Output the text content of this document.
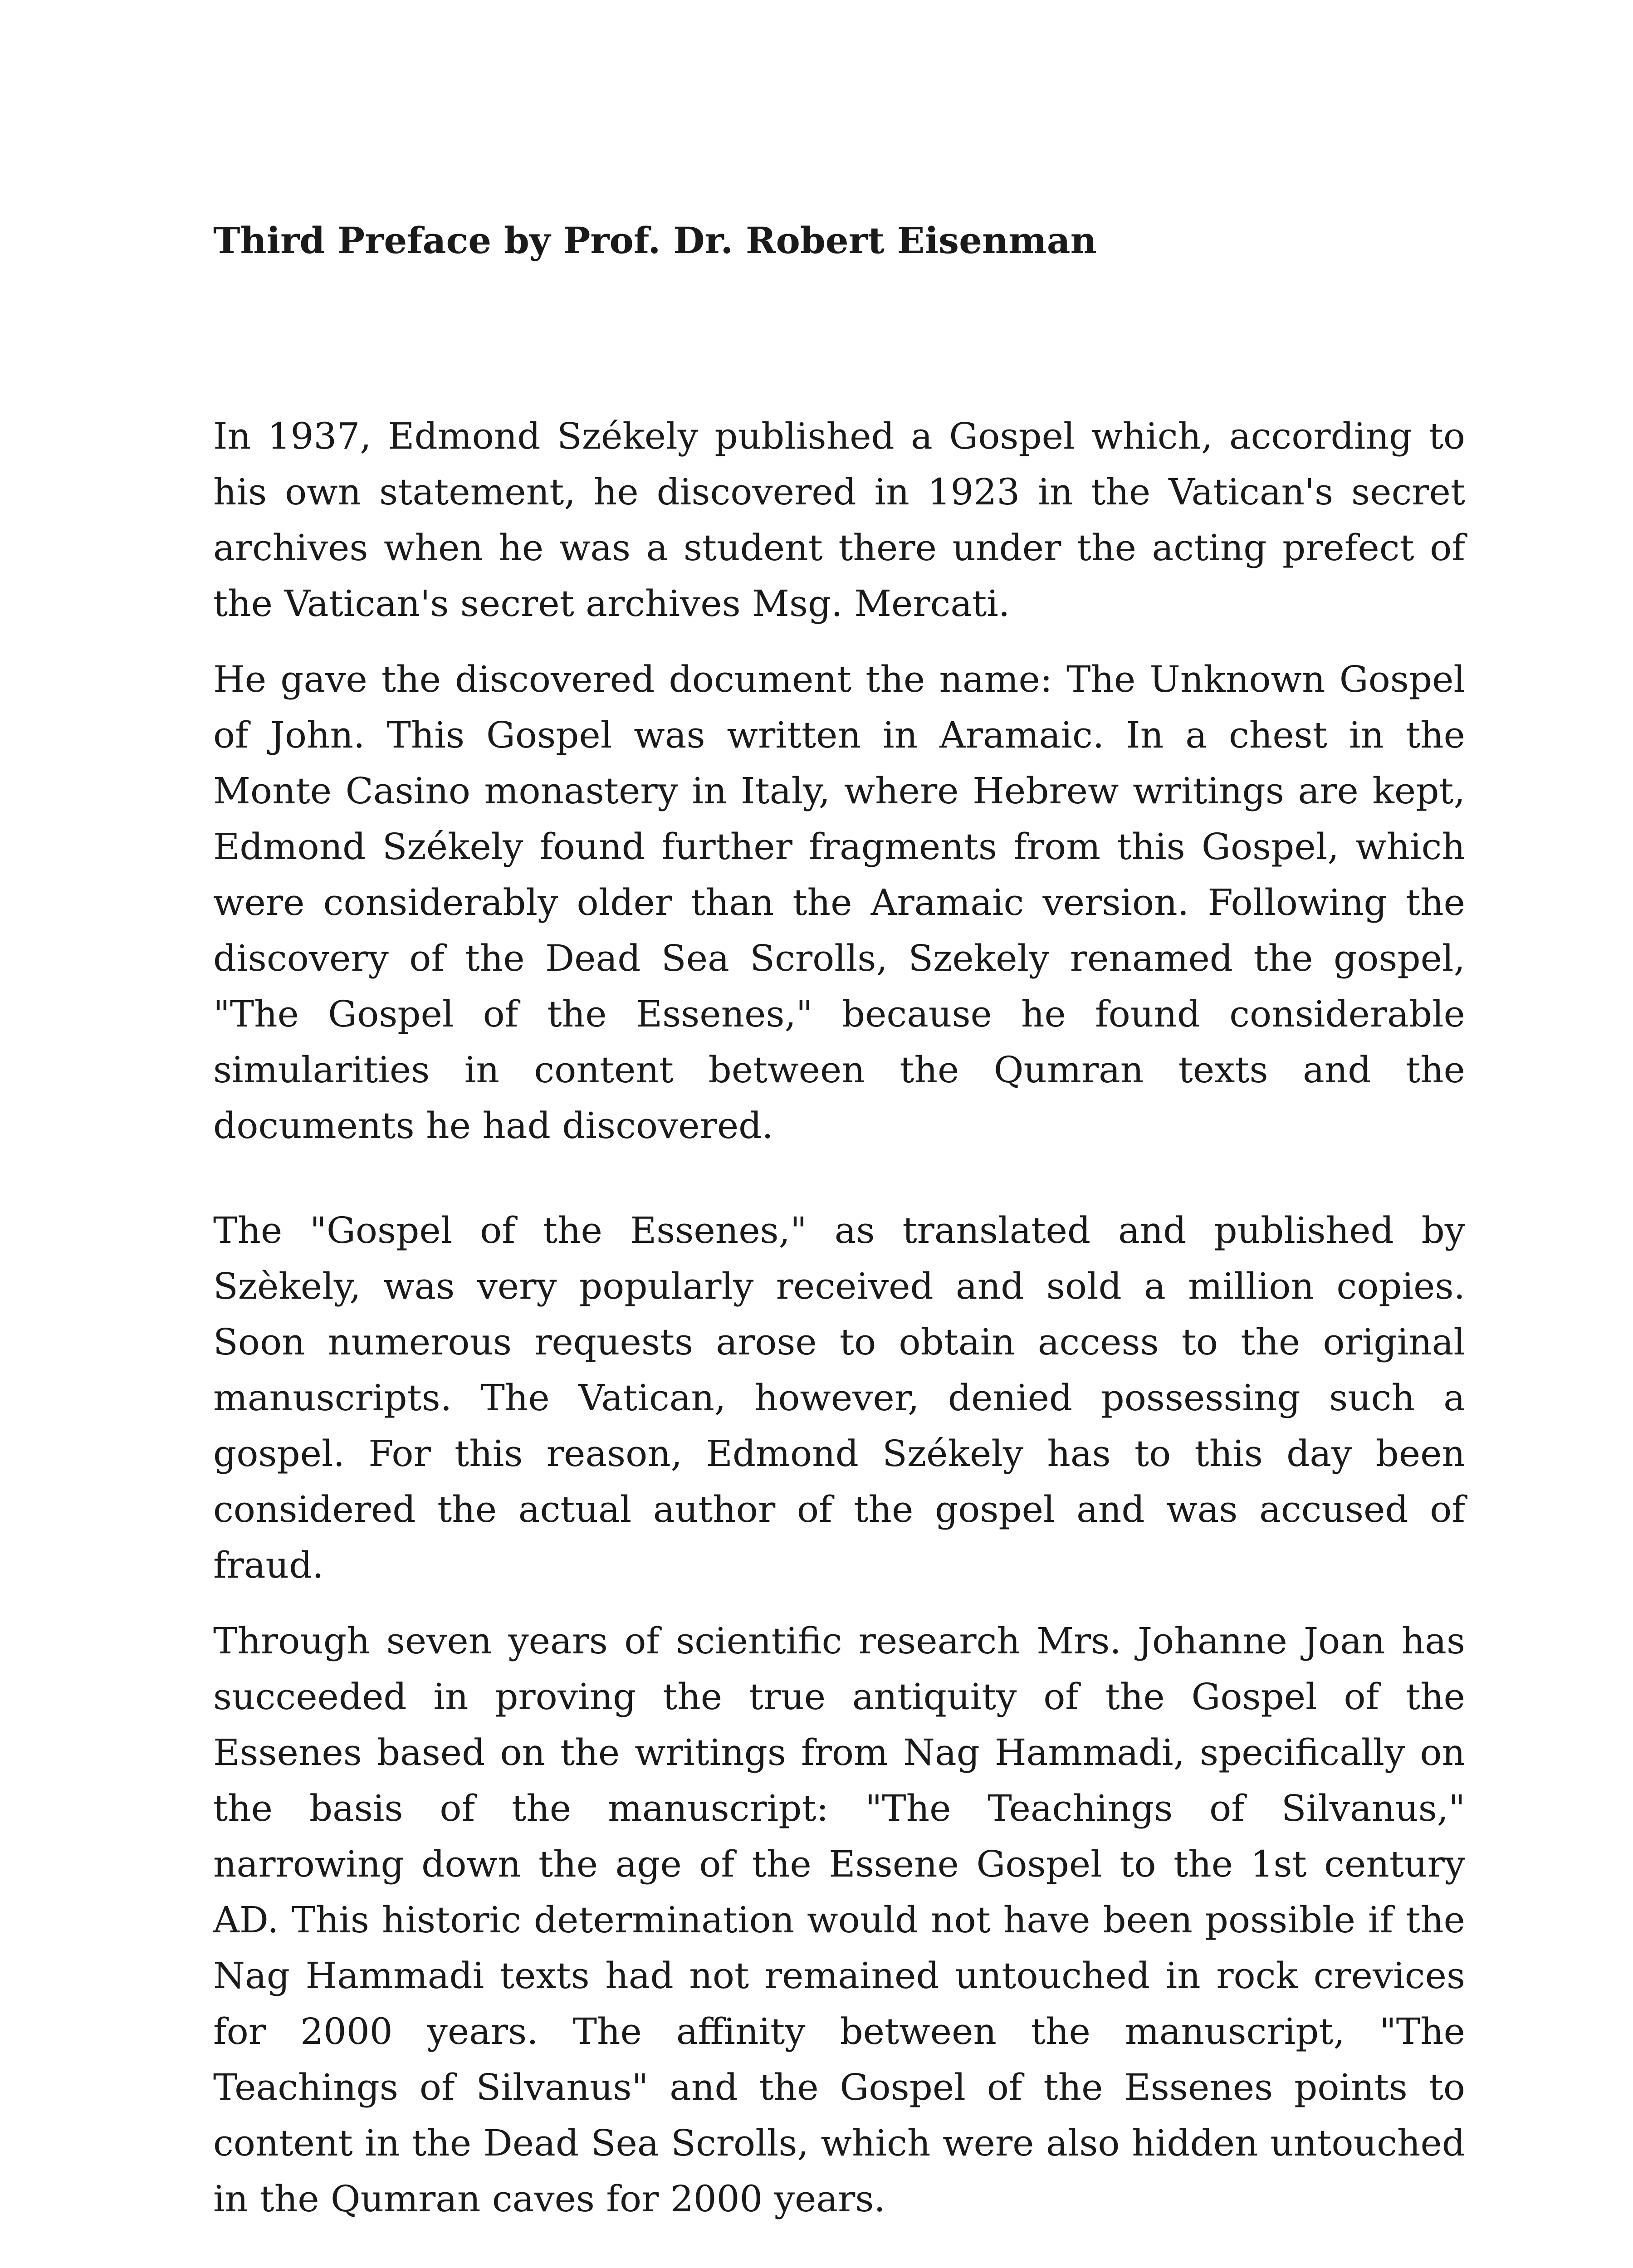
Third Preface by Prof. Dr. Robert Eisenman

In 1937, Edmond Székely published a Gospel which, according to his own statement, he discovered in 1923 in the Vatican's secret archives when he was a student there under the acting prefect of the Vatican's secret archives Msg. Mercati.

He gave the discovered document the name: The Unknown Gospel of John. This Gospel was written in Aramaic. In a chest in the Monte Casino monastery in Italy, where Hebrew writings are kept, Edmond Székely found further fragments from this Gospel, which were considerably older than the Aramaic version. Following the discovery of the Dead Sea Scrolls, Szekely renamed the gospel, "The Gospel of the Essenes," because he found considerable simularities in content between the Qumran texts and the documents he had discovered.

The "Gospel of the Essenes," as translated and published by Szèkely, was very popularly received and sold a million copies. Soon numerous requests arose to obtain access to the original manuscripts. The Vatican, however, denied possessing such a gospel. For this reason, Edmond Székely has to this day been considered the actual author of the gospel and was accused of fraud.

Through seven years of scientific research Mrs. Johanne Joan has succeeded in proving the true antiquity of the Gospel of the Essenes based on the writings from Nag Hammadi, specifically on the basis of the manuscript: "The Teachings of Silvanus," narrowing down the age of the Essene Gospel to the 1st century AD. This historic determination would not have been possible if the Nag Hammadi texts had not remained untouched in rock crevices for 2000 years. The affinity between the manuscript, "The Teachings of Silvanus" and the Gospel of the Essenes points to content in the Dead Sea Scrolls, which were also hidden untouched in the Qumran caves for 2000 years.
